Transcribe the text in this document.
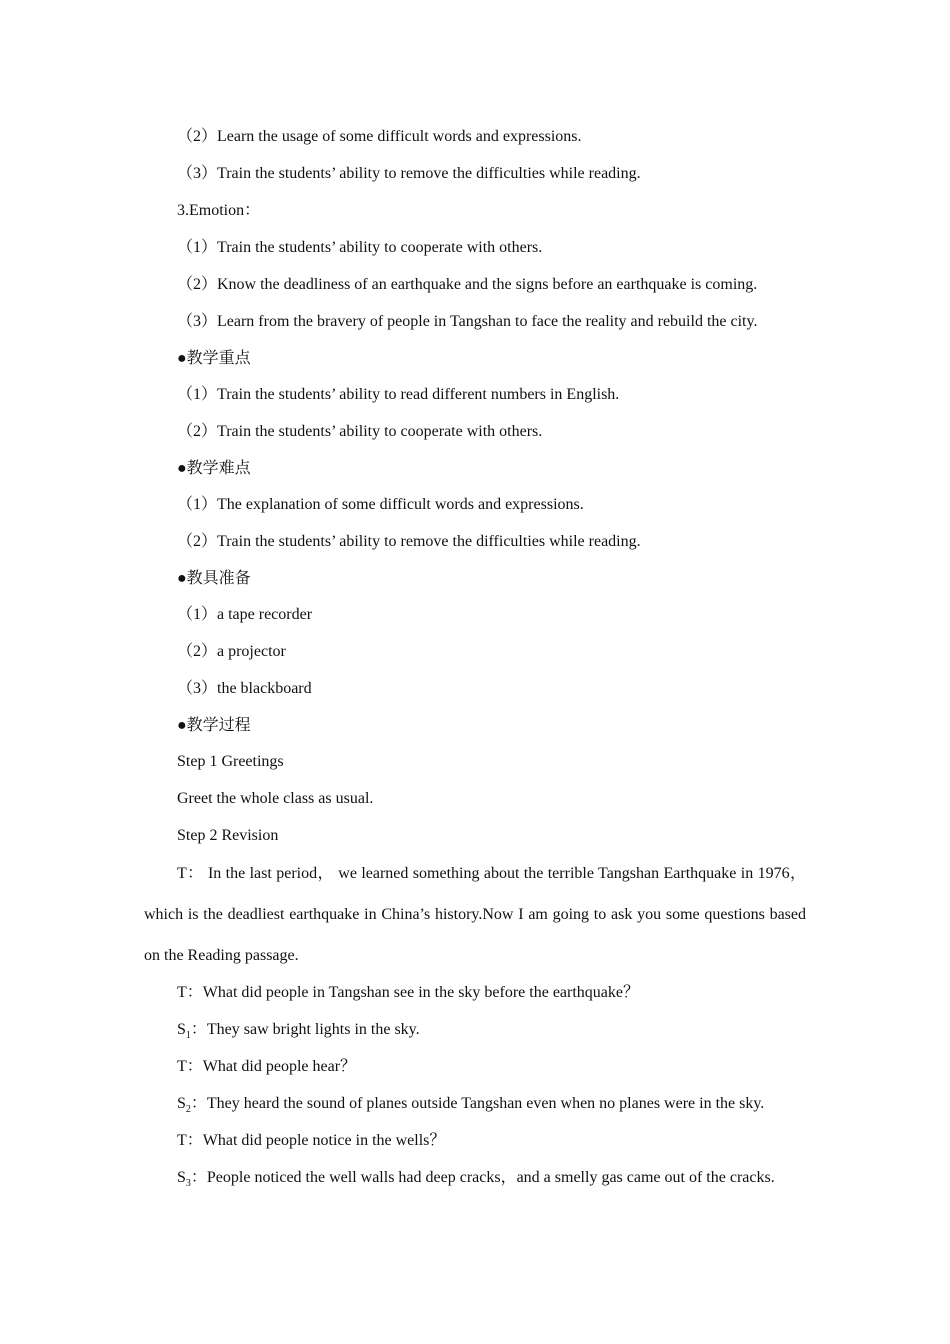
（2）Learn the usage of some difficult words and expressions.
（3）Train the students’ ability to remove the difficulties while reading.
3.Emotion：
（1）Train the students’ ability to cooperate with others.
（2）Know the deadliness of an earthquake and the signs before an earthquake is coming.
（3）Learn from the bravery of people in Tangshan to face the reality and rebuild the city.
●教学重点
（1）Train the students’ ability to read different numbers in English.
（2）Train the students’ ability to cooperate with others.
●教学难点
（1）The explanation of some difficult words and expressions.
（2）Train the students’ ability to remove the difficulties while reading.
●教具准备
（1）a tape recorder
（2）a projector
（3）the blackboard
●教学过程
Step 1 Greetings
Greet the whole class as usual.
Step 2 Revision
T： In the last period， we learned something about the terrible Tangshan Earthquake in 1976， which is the deadliest earthquake in China’s history.Now I am going to ask you some questions based on the Reading passage.
T：What did people in Tangshan see in the sky before the earthquake？
$S_1$：They saw bright lights in the sky.
T：What did people hear？
$S_2$：They heard the sound of planes outside Tangshan even when no planes were in the sky.
T：What did people notice in the wells？
$S_3$：People noticed the well walls had deep cracks，and a smelly gas came out of the cracks.
